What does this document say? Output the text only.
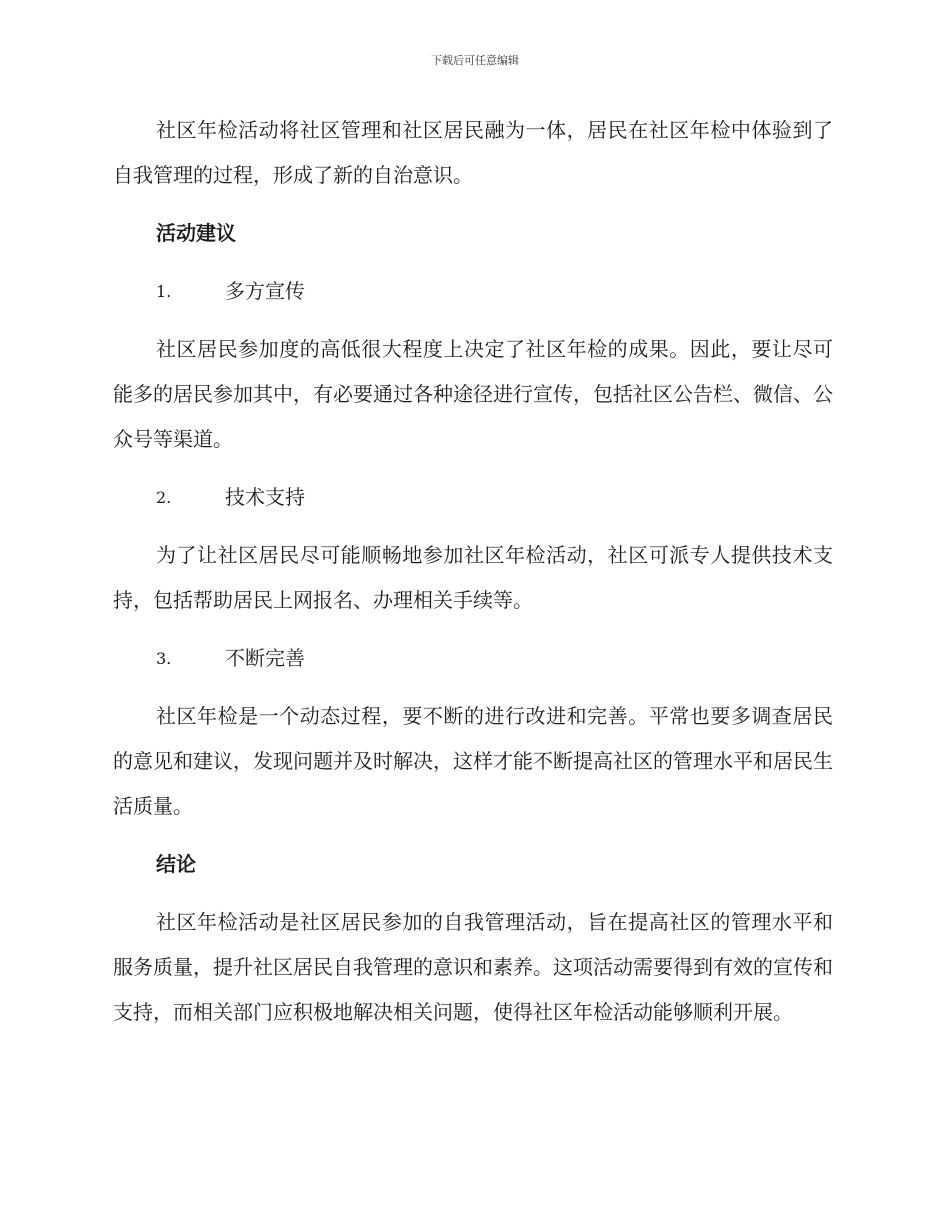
下载后可任意编辑

社区年检活动将社区管理和社区居民融为一体，居民在社区年检中体验到了自我管理的过程，形成了新的自治意识。

活动建议
1.	多方宣传

社区居民参加度的高低很大程度上决定了社区年检的成果。因此，要让尽可能多的居民参加其中，有必要通过各种途径进行宣传，包括社区公告栏、微信、公众号等渠道。

2.	技术支持

为了让社区居民尽可能顺畅地参加社区年检活动，社区可派专人提供技术支持，包括帮助居民上网报名、办理相关手续等。

3.	不断完善

社区年检是一个动态过程，要不断的进行改进和完善。平常也要多调查居民的意见和建议，发现问题并及时解决，这样才能不断提高社区的管理水平和居民生活质量。

结论

社区年检活动是社区居民参加的自我管理活动，旨在提高社区的管理水平和服务质量，提升社区居民自我管理的意识和素养。这项活动需要得到有效的宣传和支持，而相关部门应积极地解决相关问题，使得社区年检活动能够顺利开展。
